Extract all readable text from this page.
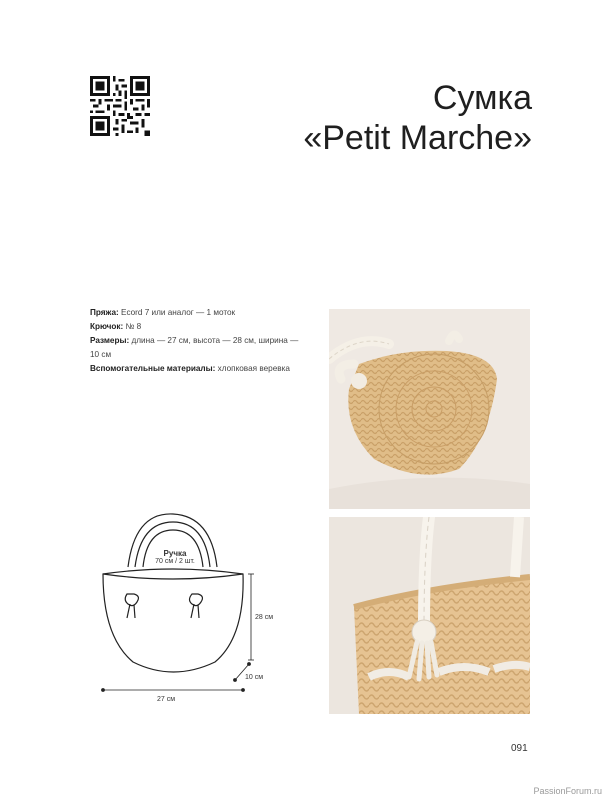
Сумка
«Petit Marche»

Пряжа: Ecord 7 или аналог — 1 моток

Крючок: № 8

Размеры: длина — 27 см, высота — 28 см, ширина — 10 см

Вспомогательные материалы: хлопковая веревка

Ручка
70 см / 2 шт.
28 см
10 см
27 см
091
PassionForum.ru
